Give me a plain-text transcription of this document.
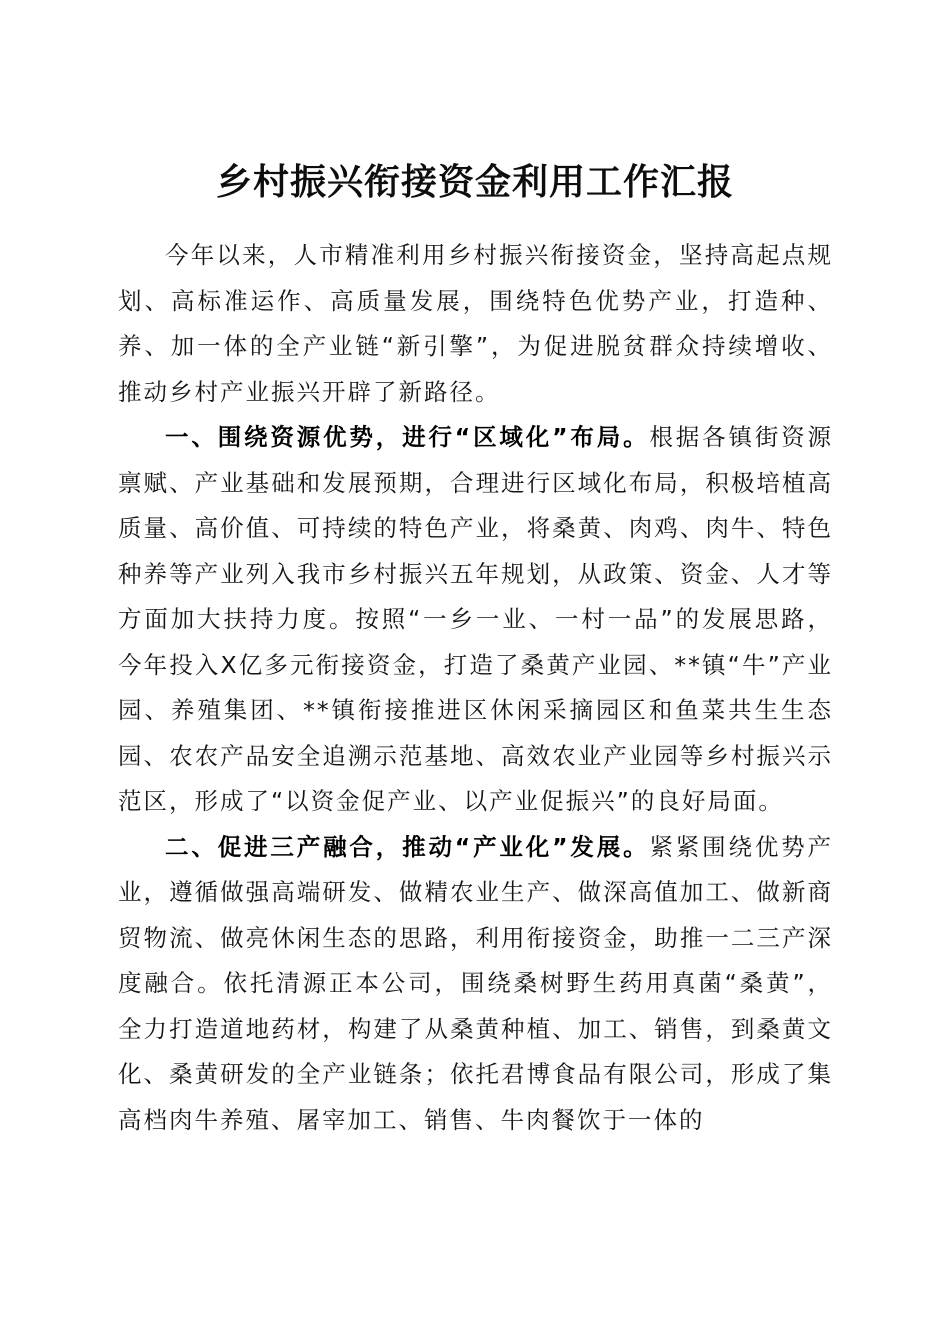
乡村振兴衔接资金利用工作汇报

今年以来，人市精准利用乡村振兴衔接资金，坚持高起点规划、高标准运作、高质量发展，围绕特色优势产业，打造种、养、加一体的全产业链“新引擎”，为促进脱贫群众持续增收、推动乡村产业振兴开辟了新路径。

一、围绕资源优势，进行“区域化”布局。根据各镇街资源禀赋、产业基础和发展预期，合理进行区域化布局，积极培植高质量、高价值、可持续的特色产业，将桑黄、肉鸡、肉牛、特色种养等产业列入我市乡村振兴五年规划，从政策、资金、人才等方面加大扶持力度。按照“一乡一业、一村一品”的发展思路，今年投入X亿多元衔接资金，打造了桑黄产业园、**镇“牛”产业园、养殖集团、**镇衔接推进区休闲采摘园区和鱼菜共生生态园、农农产品安全追溯示范基地、高效农业产业园等乡村振兴示范区，形成了“以资金促产业、以产业促振兴”的良好局面。

二、促进三产融合，推动“产业化”发展。紧紧围绕优势产业，遵循做强高端研发、做精农业生产、做深高值加工、做新商贸物流、做亮休闲生态的思路，利用衔接资金，助推一二三产深度融合。依托清源正本公司，围绕桑树野生药用真菌“桑黄”，全力打造道地药材，构建了从桑黄种植、加工、销售，到桑黄文化、桑黄研发的全产业链条；依托君博食品有限公司，形成了集高档肉牛养殖、屠宰加工、销售、牛肉餐饮于一体的
